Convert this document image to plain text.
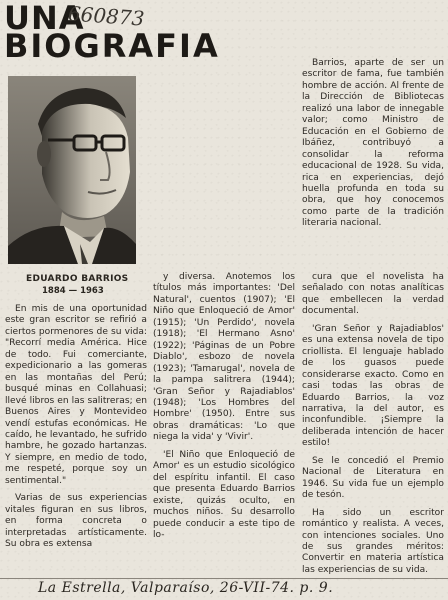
UNA
660873
BIOGRAFIA	Barrios, aparte de ser un escritor de fama, fue también hombre de acción. Al frente de la Dirección de Bibliotecas realizó una labor de innegable valor; como Ministro de Educación en el Gobierno de Ibáñez, contribuyó a consolidar la reforma educacional de 1928. Su vida, rica en experiencias, dejó huella profunda en toda su obra, que hoy conocemos como parte de la tradición literaria nacional.

EDUARDO BARRIOS
1884 — 1963

En mis de una oportunidad este gran escritor se refirió a ciertos pormenores de su vida: "Recorrí media América. Hice de todo. Fui comerciante, expedicionario a las gomeras en las montañas del Perú; busqué minas en Collahuasi; llevé libros en las salitreras; en Buenos Aires y Montevideo vendí estufas económicas. He caído, he levantado, he sufrido hambre, he gozado hartanzas. Y siempre, en medio de todo, me respeté, porque soy un sentimental."

Varias de sus experiencias vitales figuran en sus libros, en forma concreta o interpretadas artísticamente. Su obra es extensa

y diversa. Anotemos los títulos más importantes: 'Del Natural', cuentos (1907); 'El Niño que Enloqueció de Amor' (1915); 'Un Perdido', novela (1918); 'El Hermano Asno' (1922); 'Páginas de un Pobre Diablo', esbozo de novela (1923); 'Tamarugal', novela de la pampa salitrera (1944); 'Gran Señor y Rajadiablos' (1948); 'Los Hombres del Hombre' (1950). Entre sus obras dramáticas: 'Lo que niega la vida' y 'Vivir'.

'El Niño que Enloqueció de Amor' es un estudio sicológico del espíritu infantil. El caso que presenta Eduardo Barrios existe, quizás oculto, en muchos niños. Su desarrollo puede conducir a este tipo de lo-

cura que el novelista ha señalado con notas analíticas que embellecen la verdad documental.

'Gran Señor y Rajadiablos' es una extensa novela de tipo criollista. El lenguaje hablado de los guasos puede considerarse exacto. Como en casi todas las obras de Eduardo Barrios, la voz narrativa, la del autor, es inconfundible. ¡Siempre la deliberada intención de hacer estilo!

Se le concedió el Premio Nacional de Literatura en 1946. Su vida fue un ejemplo de tesón.

Ha sido un escritor romántico y realista. A veces, con intenciones sociales. Uno de sus grandes méritos: Convertir en materia artística las experiencias de su vida.

La Estrella, Valparaíso, 26-VII-74. p. 9.
